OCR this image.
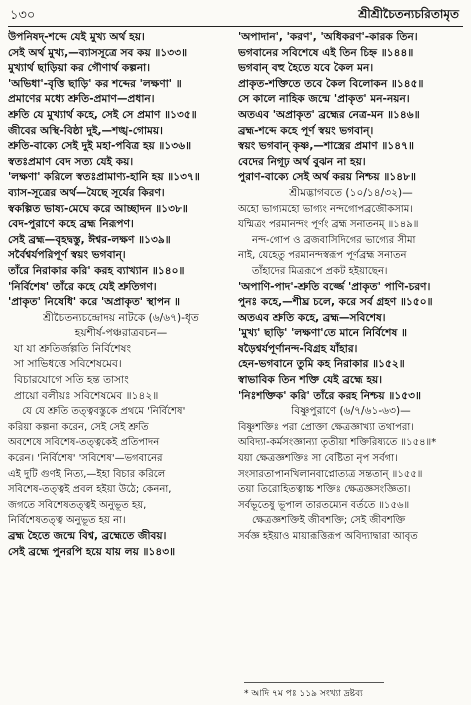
১৩০	শ্রীশ্রীচৈতন্যচরিতামৃত
উপনিষদ্‌-শব্দে যেই মুখ্য অর্থ হয়।
সেই অর্থ মুখ্য,—ব্যাসসূত্রে সব কয় ॥১৩৩॥
মুখ্যার্থ ছাড়িয়া কর গৌণার্থ কল্পনা।
'অভিধা'-বৃত্তি ছাড়ি' কর শব্দের 'লক্ষণা' ॥
প্রমাণের মধ্যে শ্রুতি-প্রমাণ—প্রধান।
শ্রুতি যে মুখ্যার্থ কহে, সেই সে প্রমাণ ॥১৩৫॥
জীবের অস্থি-বিষ্ঠা দুই,—শঙ্খ-গোময়।
শ্রুতি-বাক্যে সেই দুই মহা-পবিত্র হয় ॥১৩৬॥
স্বতঃপ্রমাণ বেদ সত্য যেই কয়।
'লক্ষণা' করিলে স্বতঃপ্রামাণ্য-হানি হয় ॥১৩৭॥
ব্যাস-সূত্রের অর্থ—যৈছে সূর্যের কিরণ।
স্বকল্পিত ভাষ্য-মেঘে করে আচ্ছাদন ॥১৩৮॥
বেদ-পুরাণে কহে ব্রহ্ম নিরূপণ।
সেই ব্রহ্ম—বৃহদ্বস্তু, ঈশ্বর-লক্ষণ ॥১৩৯॥
সর্বৈশ্বর্যপরিপূর্ণ স্বয়ং ভগবান্।
তাঁরে নিরাকার করি' করহ ব্যাখ্যান ॥১৪০॥
'নির্বিশেষ' তাঁরে কহে যেই শ্রুতিগণ।
'প্রাকৃত' নিষেধি' করে 'অপ্রাকৃত' স্থাপন ॥
শ্রীচৈতন্যচন্দ্রোদয় নাটকে (৬/৬৭)-ধৃত
হয়শীর্ষ-পঞ্চরাত্রবচন—
যা যা শ্রুতির্জল্পতি নির্বিশেষং
সা সাভিধত্তে সবিশেষমেব।
বিচারযোগে সতি হন্ত তাসাং
প্রায়ো বলীয়ঃ সবিশেষমেব ॥১৪২॥
যে যে শ্রুতি তত্ত্ববস্তুকে প্রথমে 'নির্বিশেষ'
করিয়া কল্পনা করেন, সেই সেই শ্রুতি
অবশেষে সবিশেষ-তত্ত্বকেই প্রতিপাদন
করেন। 'নির্বিশেষ' 'সবিশেষ'—ভগবানের
এই দুটি গুণই নিত্য,—ইহা বিচার করিলে
সবিশেষ-তত্ত্বই প্রবল হইয়া উঠে; কেননা,
জগতে সবিশেষতত্ত্বই অনুভূত হয়,
নির্বিশেষতত্ত্ব অনুভূত হয় না।
ব্রহ্ম হৈতে জন্মে বিশ্ব, ব্রহ্মেতে জীবয়।
সেই ব্রহ্মে পুনরপি হয়ে যায় লয় ॥১৪৩॥
'অপাদান', 'করণ', 'অধিকরণ'-কারক তিন।
ভগবানের সবিশেষে এই তিন চিহ্ন ॥১৪৪॥
ভগবান্ বহু হৈতে যবে কৈল মন।
প্রাকৃত-শক্তিতে তবে কৈল বিলোকন ॥১৪৫॥
সে কালে নাহিক জন্মে 'প্রাকৃত' মন-নয়ন।
অতএব 'অপ্রাকৃত' ব্রহ্মের নেত্র-মন ॥১৪৬॥
ব্রহ্ম-শব্দে কহে পূর্ণ স্বয়ং ভগবান্।
স্বয়ং ভগবান্ কৃষ্ণ,—শাস্ত্রের প্রমাণ ॥১৪৭॥
বেদের নিগূঢ় অর্থ বুঝন না হয়।
পুরাণ-বাক্যে সেই অর্থ করয় নিশ্চয় ॥১৪৮॥
শ্রীমদ্ভাগবতে (১০/১৪/৩২)—
অহো ভাগ্যমহো ভাগ্যং নন্দগোপব্রজৌকসাম।
যন্মিত্রং পরমানন্দং পূর্ণং ব্রহ্ম সনাতনম্ ॥১৪৯॥
নন্দ-গোপ ও ব্রজবাসিদিগের ভাগ্যের সীমা
নাই, যেহেতু পরমানন্দস্বরূপ পূর্ণব্রহ্ম সনাতন
তাঁহাদের মিত্ররূপে প্রকট হইয়াছেন।
'অপাণি-পাদ'-শ্রুতি বর্জ্জে 'প্রাকৃত' পাণি-চরণ।
পুনঃ কহে,—শীঘ্র চলে, করে সর্ব গ্রহণ ॥১৫০॥
অতএব শ্রুতি কহে, ব্রহ্ম—সবিশেষ।
'মুখ্য' ছাড়ি' 'লক্ষণা'তে মানে নির্বিশেষ ॥
ষড়ৈশ্বর্যপূর্ণানন্দ-বিগ্রহ যাঁহার।
হেন-ভগবানে তুমি কহ নিরাকার ॥১৫২॥
স্বাভাবিক তিন শক্তি যেই ব্রহ্মে হয়।
'নিঃশক্তিক' করি' তাঁরে করহ নিশ্চয় ॥১৫৩॥
বিষ্ণুপুরাণে (৬/৭/৬১-৬৩)—
বিষ্ণুশক্তিঃ পরা প্রোক্তা ক্ষেত্রজ্ঞাখ্যা তথাপরা।
অবিদ্যা-কর্মসংজ্ঞান্যা তৃতীয়া শক্তিরিষ্যতে ॥১৫৪॥*
যয়া ক্ষেত্রজ্ঞশক্তিঃ সা বেষ্টিতা নৃপ সর্বগা।
সংসারতাপানখিলানবাপ্নোত্যত্র সন্ততান্ ॥১৫৫॥
তয়া তিরোহিতত্বাচ্চ শক্তিঃ ক্ষেত্রজ্ঞসংজ্ঞিতা।
সর্বভূতেষু ভূপাল তারতম্যেন বর্ততে ॥১৫৬॥
ক্ষেত্রজ্ঞশক্তিই জীবশক্তি; সেই জীবশক্তি
সর্বজ্ঞ হইয়াও মায়ারূত্তিরূপ অবিদ্যাদ্বারা আবৃত
* আদি ৭ম পঃ ১১৯ সংখ্যা দ্রষ্টব্য
